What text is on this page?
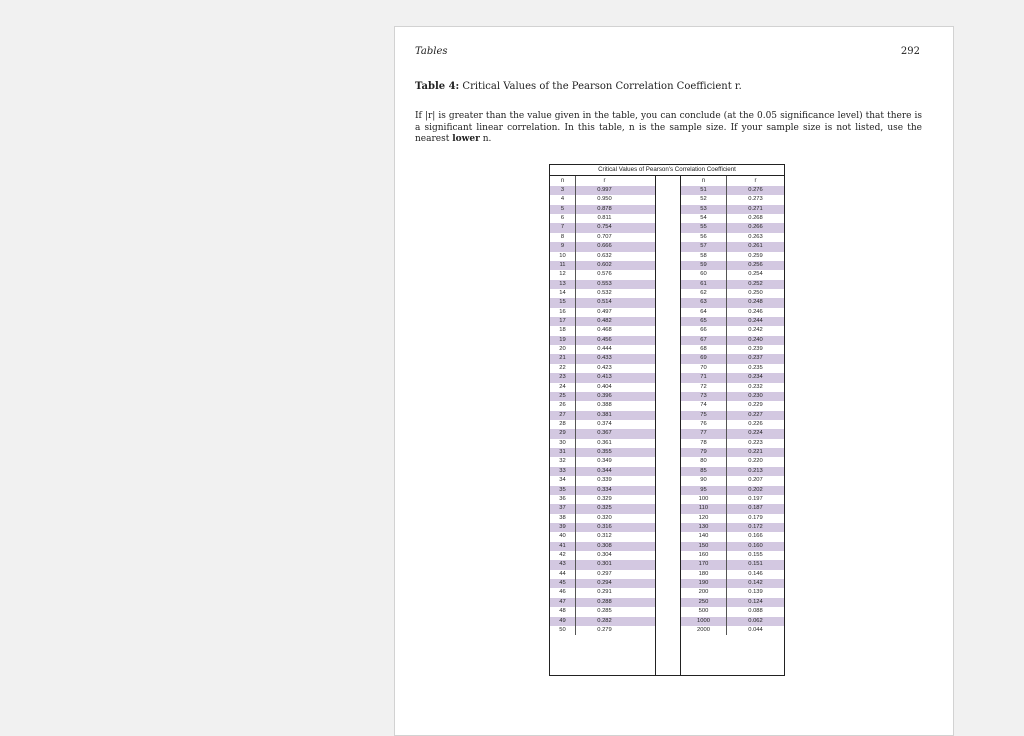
Tables	292
Table 4: Critical Values of the Pearson Correlation Coefficient r.
If |r| is greater than the value given in the table, you can conclude (at the 0.05 significance level) that there is a significant linear correlation. In this table, n is the sample size. If your sample size is not listed, use the nearest lower n.
Critical Values of Pearson's Correlation Coefficient
n	r
3	0.997
4	0.950
5	0.878
6	0.811
7	0.754
8	0.707
9	0.666
10	0.632
11	0.602
12	0.576
13	0.553
14	0.532
15	0.514
16	0.497
17	0.482
18	0.468
19	0.456
20	0.444
21	0.433
22	0.423
23	0.413
24	0.404
25	0.396
26	0.388
27	0.381
28	0.374
29	0.367
30	0.361
31	0.355
32	0.349
33	0.344
34	0.339
35	0.334
36	0.329
37	0.325
38	0.320
39	0.316
40	0.312
41	0.308
42	0.304
43	0.301
44	0.297
45	0.294
46	0.291
47	0.288
48	0.285
49	0.282
50	0.279
n	r
51	0.276
52	0.273
53	0.271
54	0.268
55	0.266
56	0.263
57	0.261
58	0.259
59	0.256
60	0.254
61	0.252
62	0.250
63	0.248
64	0.246
65	0.244
66	0.242
67	0.240
68	0.239
69	0.237
70	0.235
71	0.234
72	0.232
73	0.230
74	0.229
75	0.227
76	0.226
77	0.224
78	0.223
79	0.221
80	0.220
85	0.213
90	0.207
95	0.202
100	0.197
110	0.187
120	0.179
130	0.172
140	0.166
150	0.160
160	0.155
170	0.151
180	0.146
190	0.142
200	0.139
250	0.124
500	0.088
1000	0.062
2000	0.044
